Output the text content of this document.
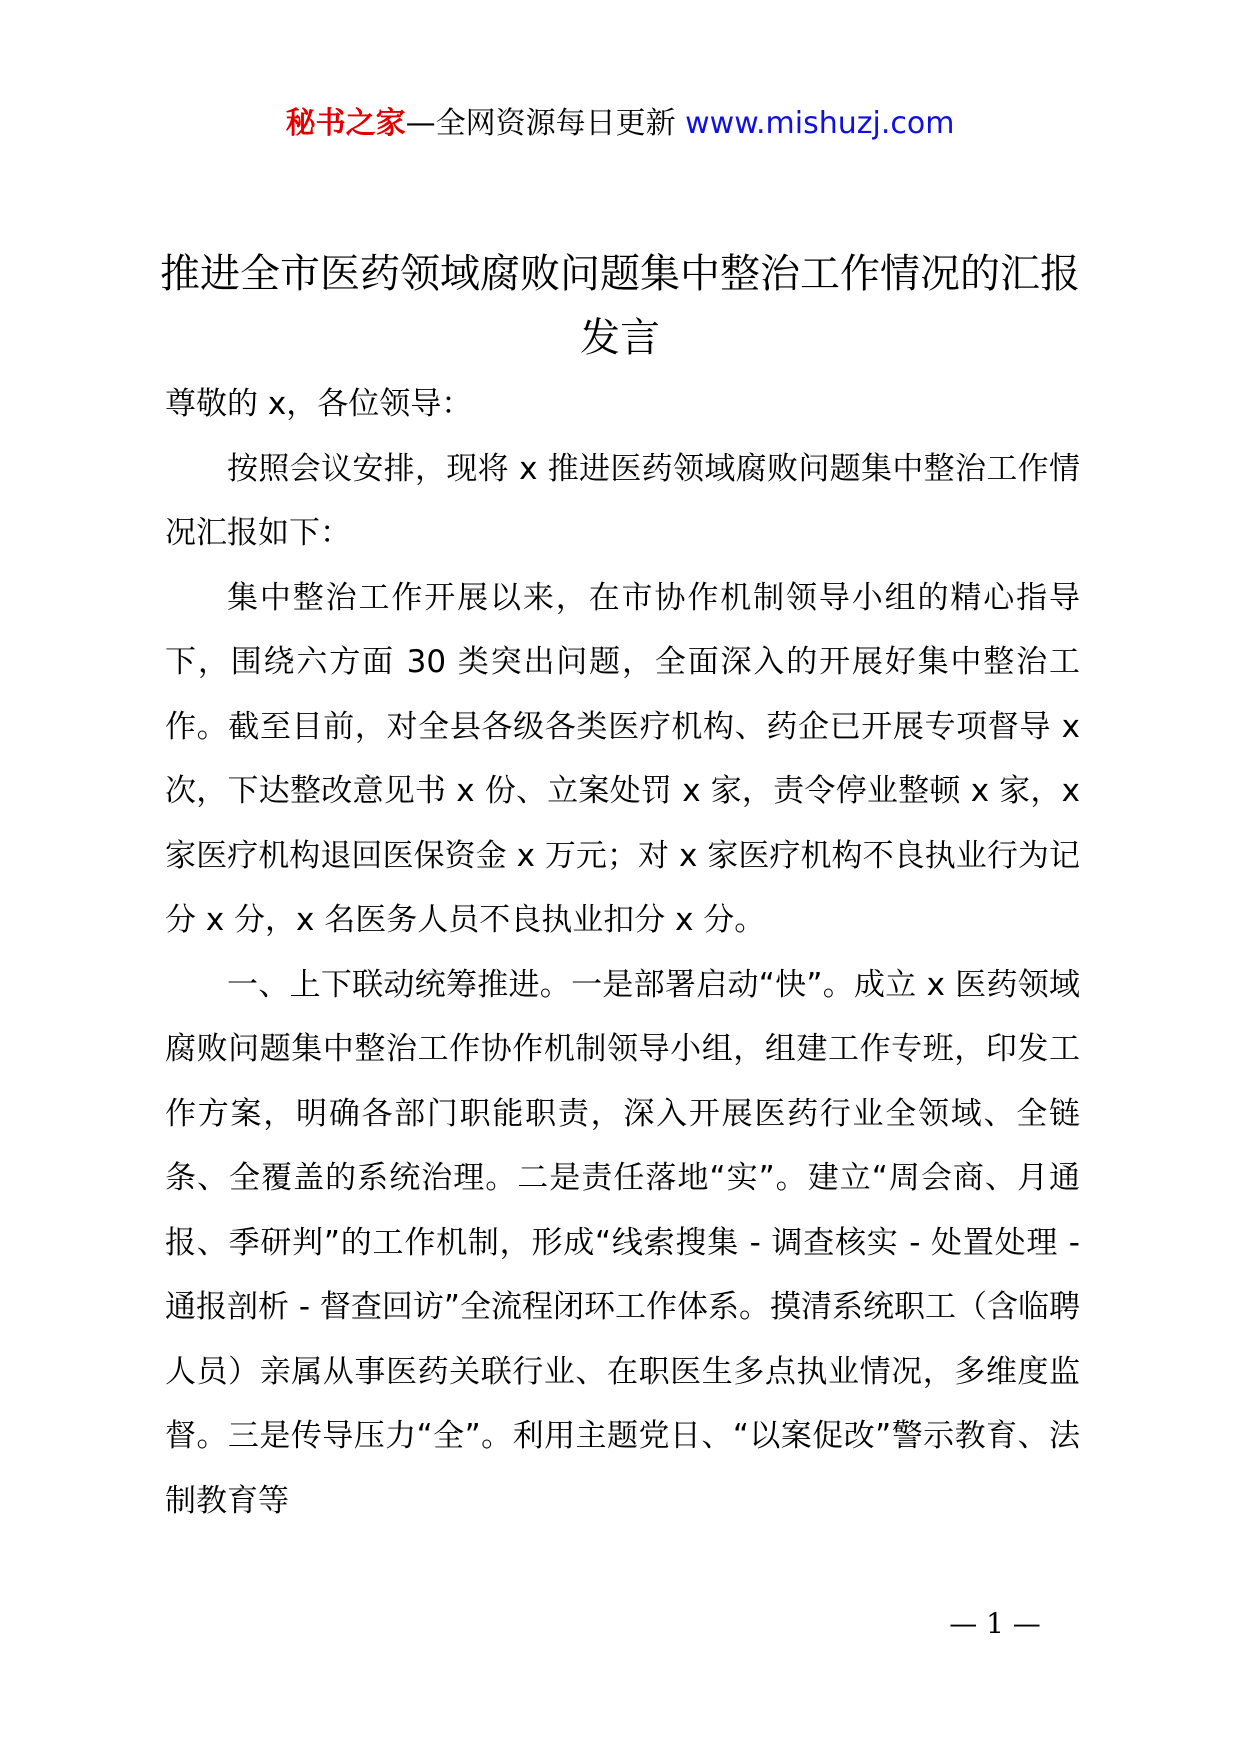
秘书之家—全网资源每日更新 www.mishuzj.com
推进全市医药领域腐败问题集中整治工作情况的汇报发言

尊敬的 x，各位领导：

按照会议安排，现将 x 推进医药领域腐败问题集中整治工作情况汇报如下：

集中整治工作开展以来，在市协作机制领导小组的精心指导下，围绕六方面 30 类突出问题，全面深入的开展好集中整治工作。截至目前，对全县各级各类医疗机构、药企已开展专项督导 x 次，下达整改意见书 x 份、立案处罚 x 家，责令停业整顿 x 家，x 家医疗机构退回医保资金 x 万元；对 x 家医疗机构不良执业行为记分 x 分，x 名医务人员不良执业扣分 x 分。

一、上下联动统筹推进。一是部署启动“快”。成立 x 医药领域腐败问题集中整治工作协作机制领导小组，组建工作专班，印发工作方案，明确各部门职能职责，深入开展医药行业全领域、全链条、全覆盖的系统治理。二是责任落地“实”。建立“周会商、月通报、季研判”的工作机制，形成“线索搜集 - 调查核实 - 处置处理 - 通报剖析 - 督查回访”全流程闭环工作体系。摸清系统职工（含临聘人员）亲属从事医药关联行业、在职医生多点执业情况，多维度监督。三是传导压力“全”。利用主题党日、“以案促改”警示教育、法制教育等

— 1 —
